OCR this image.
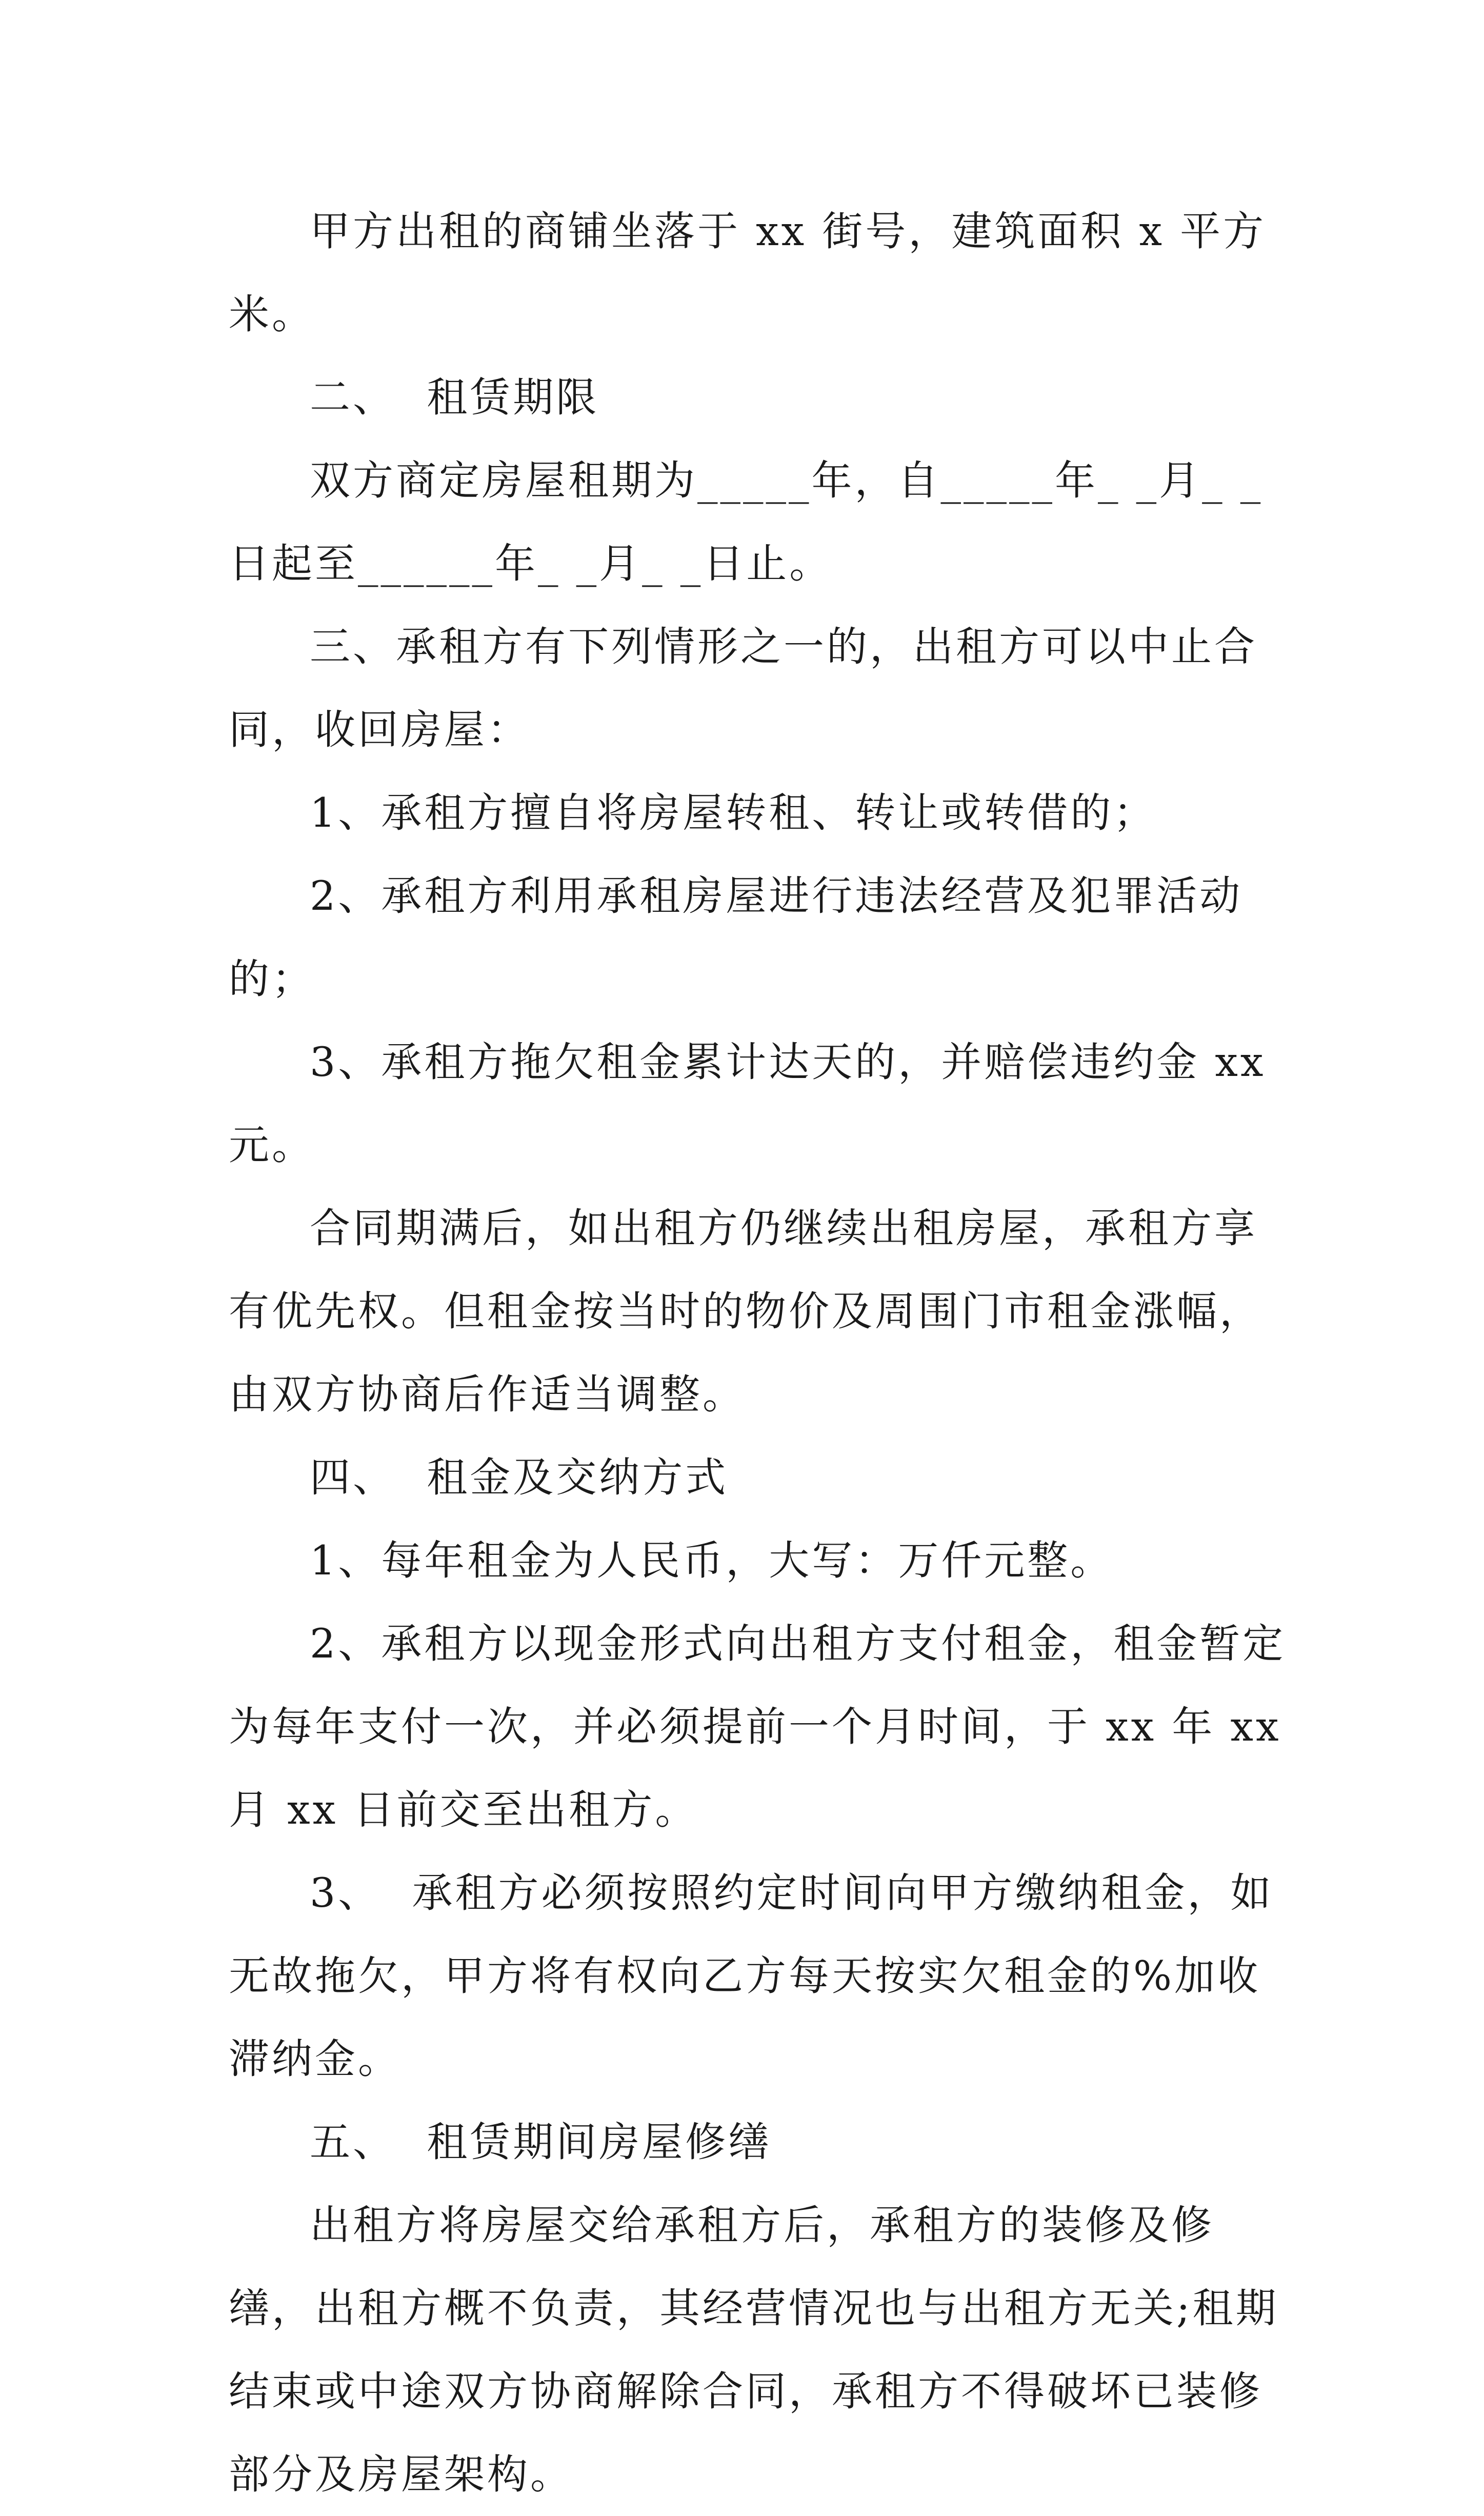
甲方出租的商铺坐落于 xx 街号，建筑面积 x 平方米。

二、  租赁期限

双方商定房屋租期为_____年，自_____年_ _月_ _日起至______年_ _月_ _日止。

三、承租方有下列情形之一的，出租方可以中止合同，收回房屋：

1、承租方擅自将房屋转租、转让或转借的；

2、承租方利用承租房屋进行违法经营及犯罪活动的；

3、承租方拖欠租金累计达天的，并赔偿违约金 xx 元。

合同期满后，如出租方仍继续出租房屋，承租方享有优先权。但租金按当时的物价及周围门市租金涨幅，由双方协商后作适当调整。

四、  租金及交纳方式

1、每年租金为人民币，大写：万仟元整。

2、承租方以现金形式向出租方支付租金，租金暂定为每年支付一次，并必须提前一个月时间，于 xx 年 xx 月 xx 日前交至出租方。

3、  承租方必须按照约定时间向甲方缴纳租金，如无故拖欠，甲方将有权向乙方每天按实欠租金的%加收滞纳金。

五、  租赁期间房屋修缮

出租方将房屋交给承租方后，承租方的装修及修缮，出租方概不负责，其经营情况也与出租方无关;租期结束或中途双方协商解除合同，承租方不得破坏已装修部分及房屋架构。
